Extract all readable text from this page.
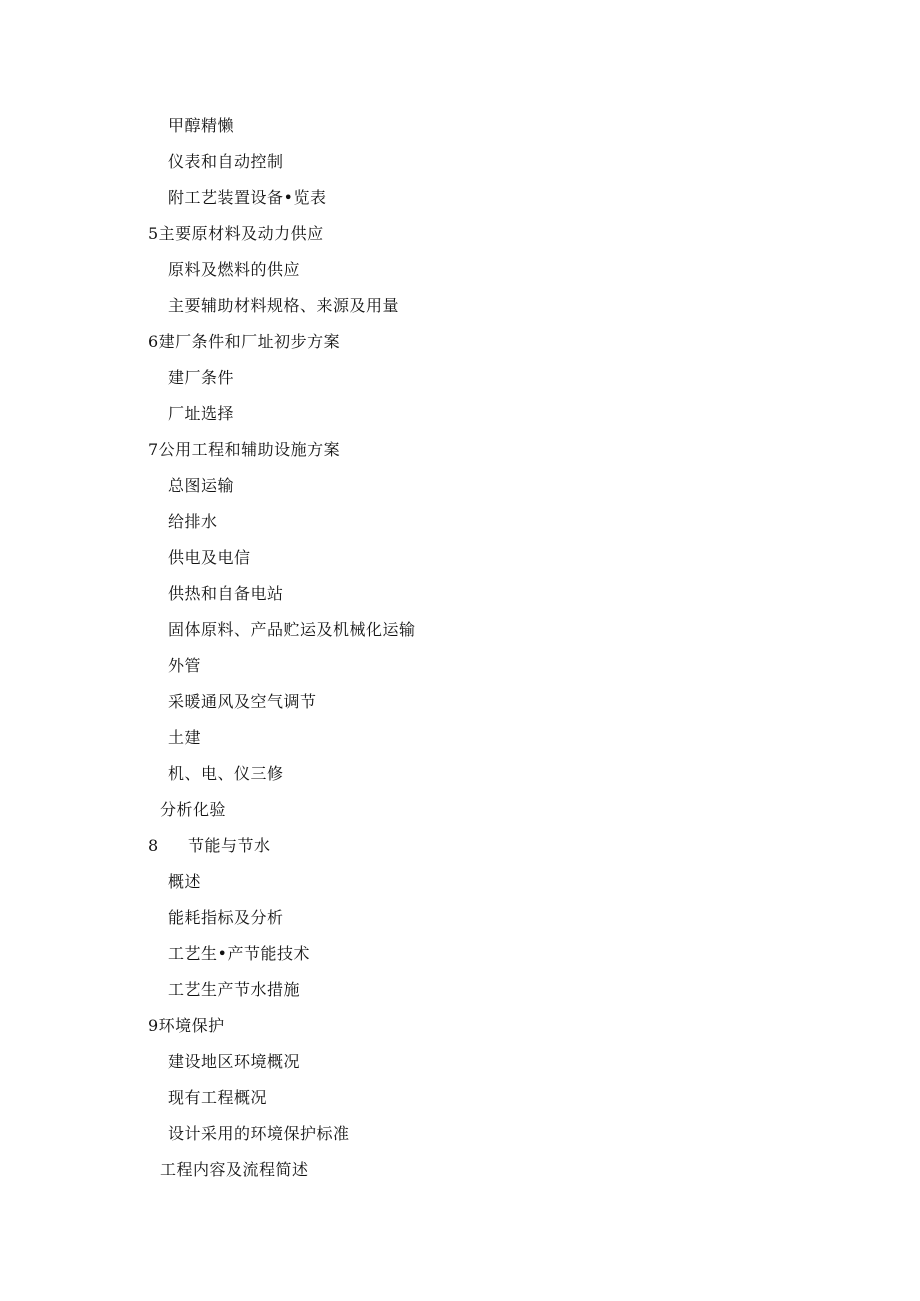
甲醇精懒
仪表和自动控制
附工艺装置设备•览表
5主要原材料及动力供应
原料及燃料的供应
主要辅助材料规格、来源及用量
6建厂条件和厂址初步方案
建厂条件
厂址选择
7公用工程和辅助设施方案
总图运输
给排水
供电及电信
供热和自备电站
固体原料、产品贮运及机械化运输
外管
采暖通风及空气调节
土建
机、电、仪三修
分析化验
8 节能与节水
概述
能耗指标及分析
工艺生•产节能技术
工艺生产节水措施
9环境保护
建设地区环境概况
现有工程概况
设计采用的环境保护标准
工程内容及流程简述
